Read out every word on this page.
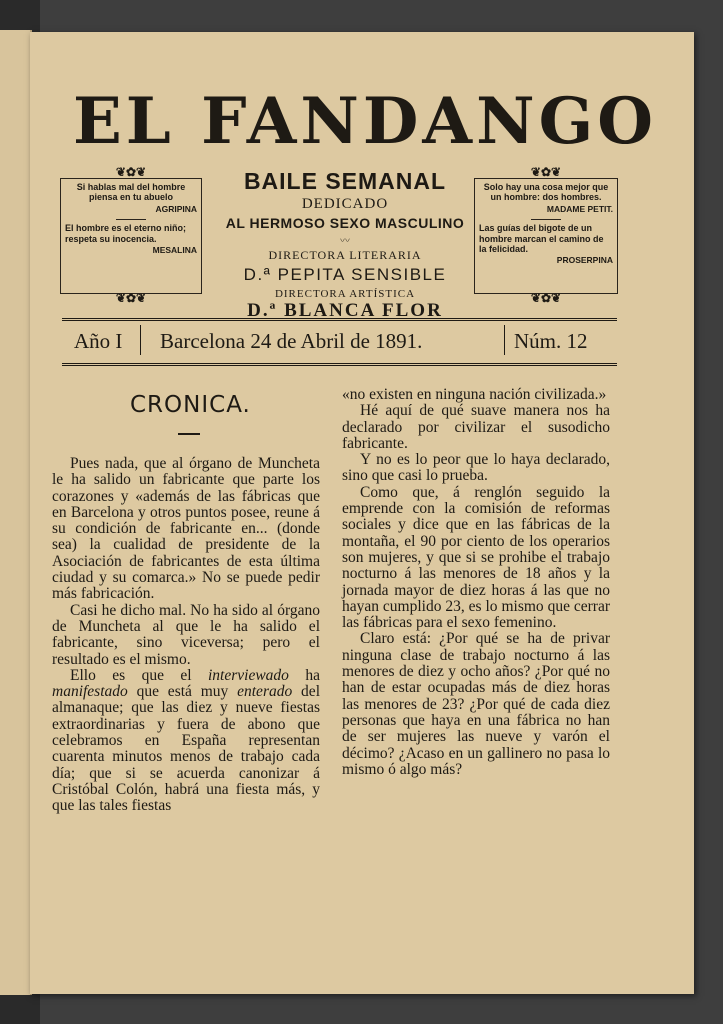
EL FANDANGO
❦✿❦
Si hablas mal del hombre piensa en tu abuelo
AGRIPINA
El hombre es el eterno niño; respeta su inocencia.
MESALINA
❦✿❦
❦✿❦
Solo hay una cosa mejor que un hombre: dos hombres.
MADAME PETIT.
Las guías del bigote de un hombre marcan el camino de la felicidad.
PROSERPINA
❦✿❦
BAILE SEMANAL
DEDICADO
AL HERMOSO SEXO MASCULINO
〰
DIRECTORA LITERARIA
D.ª PEPITA SENSIBLE
DIRECTORA ARTÍSTICA
D.ª BLANCA FLOR
Año I Barcelona 24 de Abril de 1891.	Núm. 12
CRONICA.

Pues nada, que al órgano de Muncheta le ha salido un fabricante que parte los corazones y «además de las fábricas que en Barcelona y otros puntos posee, reune á su condición de fabricante en... (donde sea) la cualidad de presidente de la Asociación de fabricantes de esta última ciudad y su comarca.» No se puede pedir más fabricación.

Casi he dicho mal. No ha sido al órgano de Muncheta al que le ha salido el fabricante, sino viceversa; pero el resultado es el mismo.

Ello es que el interviewado ha manifestado que está muy enterado del almanaque; que las diez y nueve fiestas extraordinarias y fuera de abono que celebramos en España representan cuarenta minutos menos de trabajo cada día; que si se acuerda canonizar á Cristóbal Colón, habrá una fiesta más, y que las tales fiestas

«no existen en ninguna nación civilizada.»

Hé aquí de qué suave manera nos ha declarado por civilizar el susodicho fabricante.

Y no es lo peor que lo haya declarado, sino que casi lo prueba.

Como que, á renglón seguido la emprende con la comisión de reformas sociales y dice que en las fábricas de la montaña, el 90 por ciento de los operarios son mujeres, y que si se prohibe el trabajo nocturno á las menores de 18 años y la jornada mayor de diez horas á las que no hayan cumplido 23, es lo mismo que cerrar las fábricas para el sexo femenino.

Claro está: ¿Por qué se ha de privar ninguna clase de trabajo nocturno á las menores de diez y ocho años? ¿Por qué no han de estar ocupadas más de diez horas las menores de 23? ¿Por qué de cada diez personas que haya en una fábrica no han de ser mujeres las nueve y varón el décimo? ¿Acaso en un gallinero no pasa lo mismo ó algo más?
